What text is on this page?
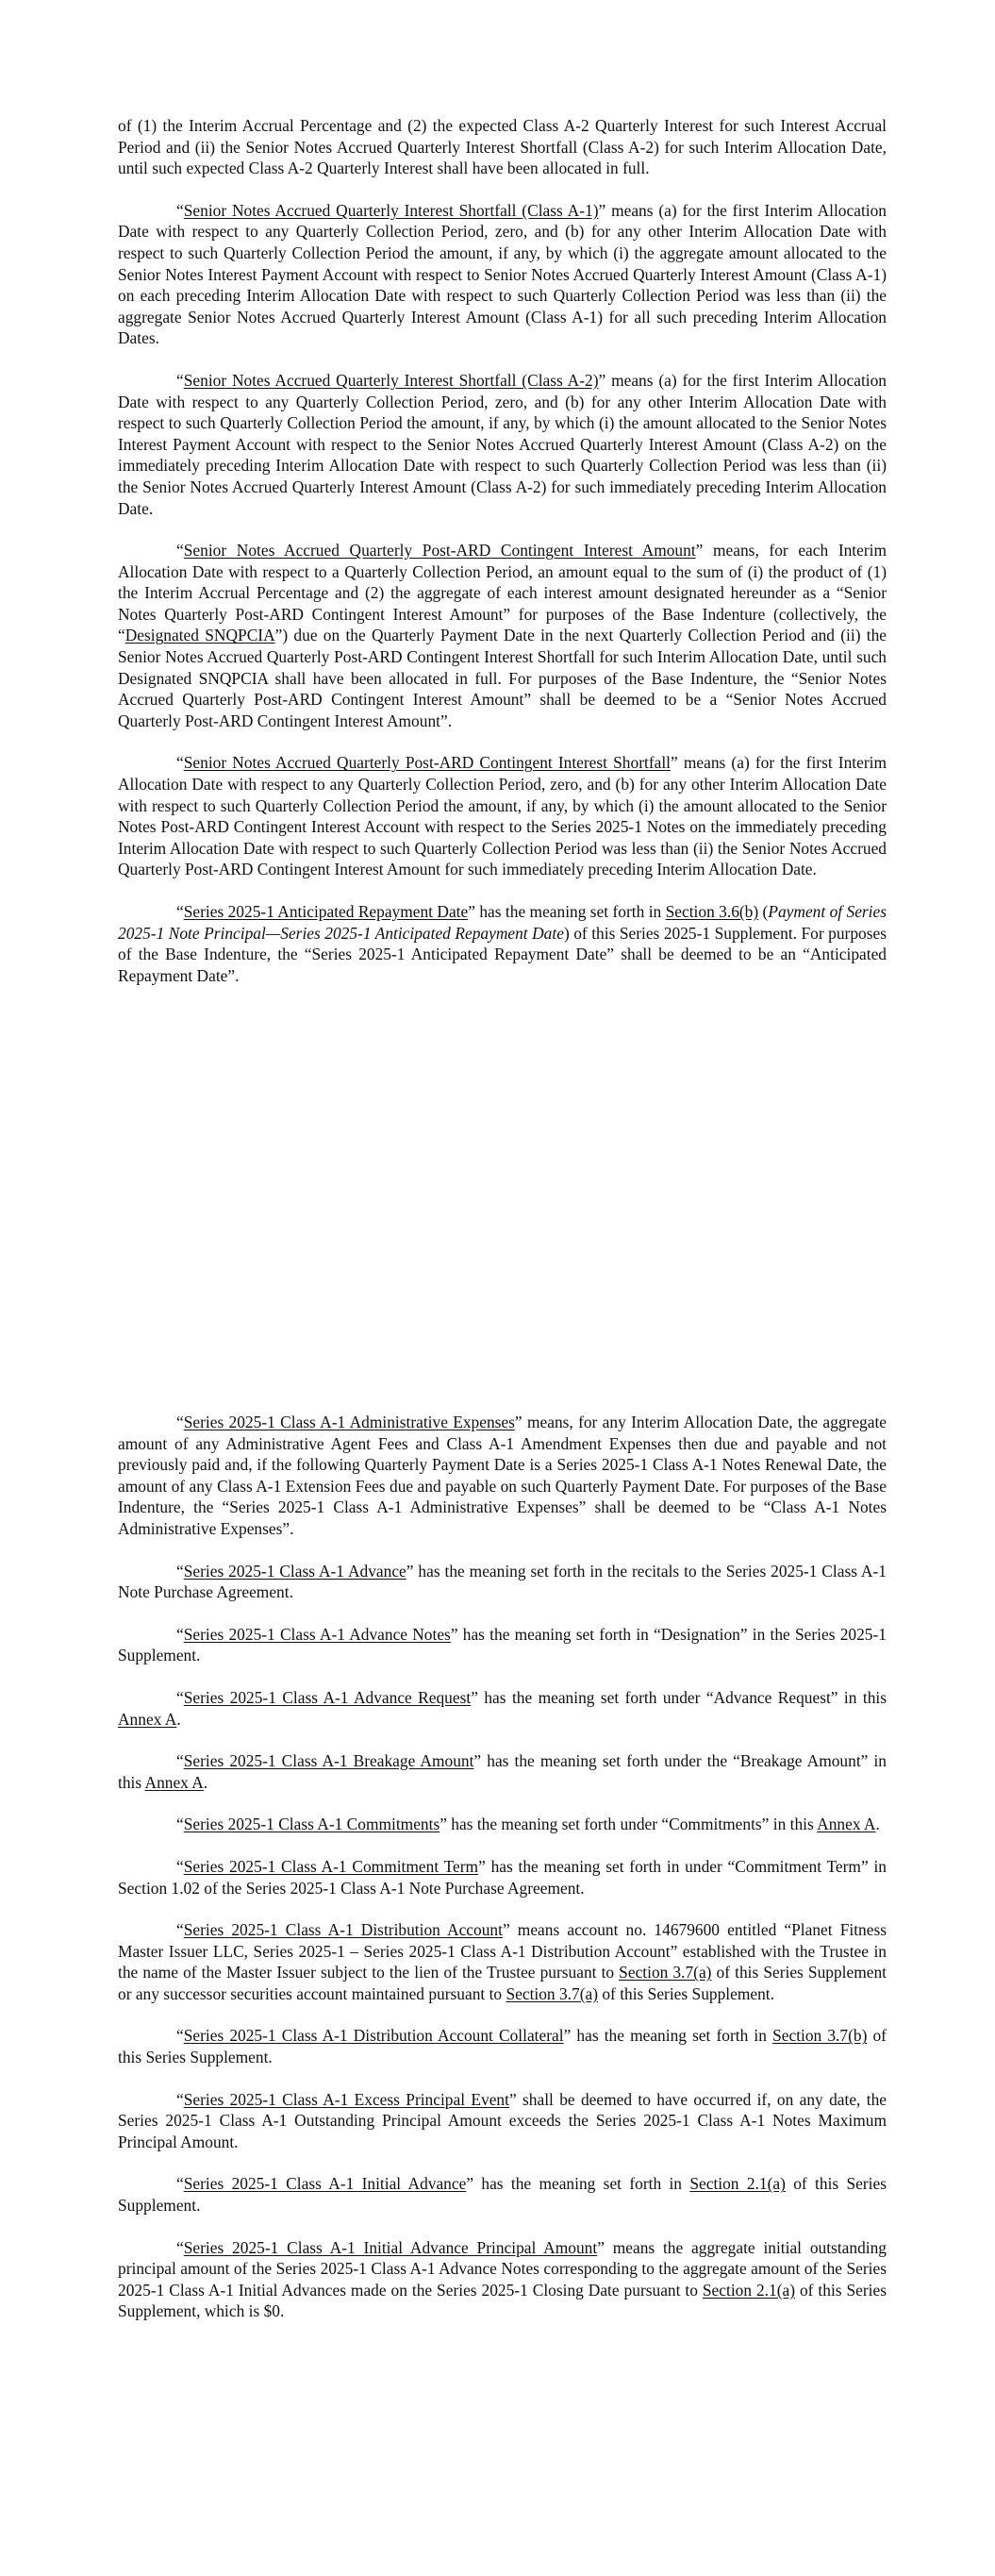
of (1) the Interim Accrual Percentage and (2) the expected Class A-2 Quarterly Interest for such Interest Accrual Period and (ii) the Senior Notes Accrued Quarterly Interest Shortfall (Class A-2) for such Interim Allocation Date, until such expected Class A-2 Quarterly Interest shall have been allocated in full.

“Senior Notes Accrued Quarterly Interest Shortfall (Class A-1)” means (a) for the first Interim Allocation Date with respect to any Quarterly Collection Period, zero, and (b) for any other Interim Allocation Date with respect to such Quarterly Collection Period the amount, if any, by which (i) the aggregate amount allocated to the Senior Notes Interest Payment Account with respect to Senior Notes Accrued Quarterly Interest Amount (Class A-1) on each preceding Interim Allocation Date with respect to such Quarterly Collection Period was less than (ii) the aggregate Senior Notes Accrued Quarterly Interest Amount (Class A-1) for all such preceding Interim Allocation Dates.

“Senior Notes Accrued Quarterly Interest Shortfall (Class A-2)” means (a) for the first Interim Allocation Date with respect to any Quarterly Collection Period, zero, and (b) for any other Interim Allocation Date with respect to such Quarterly Collection Period the amount, if any, by which (i) the amount allocated to the Senior Notes Interest Payment Account with respect to the Senior Notes Accrued Quarterly Interest Amount (Class A-2) on the immediately preceding Interim Allocation Date with respect to such Quarterly Collection Period was less than (ii) the Senior Notes Accrued Quarterly Interest Amount (Class A-2) for such immediately preceding Interim Allocation Date.

“Senior Notes Accrued Quarterly Post-ARD Contingent Interest Amount” means, for each Interim Allocation Date with respect to a Quarterly Collection Period, an amount equal to the sum of (i) the product of (1) the Interim Accrual Percentage and (2) the aggregate of each interest amount designated hereunder as a “Senior Notes Quarterly Post-ARD Contingent Interest Amount” for purposes of the Base Indenture (collectively, the “Designated SNQPCIA”) due on the Quarterly Payment Date in the next Quarterly Collection Period and (ii) the Senior Notes Accrued Quarterly Post-ARD Contingent Interest Shortfall for such Interim Allocation Date, until such Designated SNQPCIA shall have been allocated in full. For purposes of the Base Indenture, the “Senior Notes Accrued Quarterly Post-ARD Contingent Interest Amount” shall be deemed to be a “Senior Notes Accrued Quarterly Post-ARD Contingent Interest Amount”.

“Senior Notes Accrued Quarterly Post-ARD Contingent Interest Shortfall” means (a) for the first Interim Allocation Date with respect to any Quarterly Collection Period, zero, and (b) for any other Interim Allocation Date with respect to such Quarterly Collection Period the amount, if any, by which (i) the amount allocated to the Senior Notes Post-ARD Contingent Interest Account with respect to the Series 2025-1 Notes on the immediately preceding Interim Allocation Date with respect to such Quarterly Collection Period was less than (ii) the Senior Notes Accrued Quarterly Post-ARD Contingent Interest Amount for such immediately preceding Interim Allocation Date.

“Series 2025-1 Anticipated Repayment Date” has the meaning set forth in Section 3.6(b) (Payment of Series 2025-1 Note Principal—Series 2025-1 Anticipated Repayment Date) of this Series 2025-1 Supplement. For purposes of the Base Indenture, the “Series 2025-1 Anticipated Repayment Date” shall be deemed to be an “Anticipated Repayment Date”.

“Series 2025-1 Class A-1 Administrative Expenses” means, for any Interim Allocation Date, the aggregate amount of any Administrative Agent Fees and Class A-1 Amendment Expenses then due and payable and not previously paid and, if the following Quarterly Payment Date is a Series 2025-1 Class A-1 Notes Renewal Date, the amount of any Class A-1 Extension Fees due and payable on such Quarterly Payment Date. For purposes of the Base Indenture, the “Series 2025-1 Class A-1 Administrative Expenses” shall be deemed to be “Class A-1 Notes Administrative Expenses”.

“Series 2025-1 Class A-1 Advance” has the meaning set forth in the recitals to the Series 2025-1 Class A-1 Note Purchase Agreement.

“Series 2025-1 Class A-1 Advance Notes” has the meaning set forth in “Designation” in the Series 2025-1 Supplement.

“Series 2025-1 Class A-1 Advance Request” has the meaning set forth under “Advance Request” in this Annex A.

“Series 2025-1 Class A-1 Breakage Amount” has the meaning set forth under the “Breakage Amount” in this Annex A.

“Series 2025-1 Class A-1 Commitments” has the meaning set forth under “Commitments” in this Annex A.

“Series 2025-1 Class A-1 Commitment Term” has the meaning set forth in under “Commitment Term” in Section 1.02 of the Series 2025-1 Class A-1 Note Purchase Agreement.

“Series 2025-1 Class A-1 Distribution Account” means account no. 14679600 entitled “Planet Fitness Master Issuer LLC, Series 2025-1 – Series 2025-1 Class A-1 Distribution Account” established with the Trustee in the name of the Master Issuer subject to the lien of the Trustee pursuant to Section 3.7(a) of this Series Supplement or any successor securities account maintained pursuant to Section 3.7(a) of this Series Supplement.

“Series 2025-1 Class A-1 Distribution Account Collateral” has the meaning set forth in Section 3.7(b) of this Series Supplement.

“Series 2025-1 Class A-1 Excess Principal Event” shall be deemed to have occurred if, on any date, the Series 2025-1 Class A-1 Outstanding Principal Amount exceeds the Series 2025-1 Class A-1 Notes Maximum Principal Amount.

“Series 2025-1 Class A-1 Initial Advance” has the meaning set forth in Section 2.1(a) of this Series Supplement.

“Series 2025-1 Class A-1 Initial Advance Principal Amount” means the aggregate initial outstanding principal amount of the Series 2025-1 Class A-1 Advance Notes corresponding to the aggregate amount of the Series 2025-1 Class A-1 Initial Advances made on the Series 2025-1 Closing Date pursuant to Section 2.1(a) of this Series Supplement, which is $0.
